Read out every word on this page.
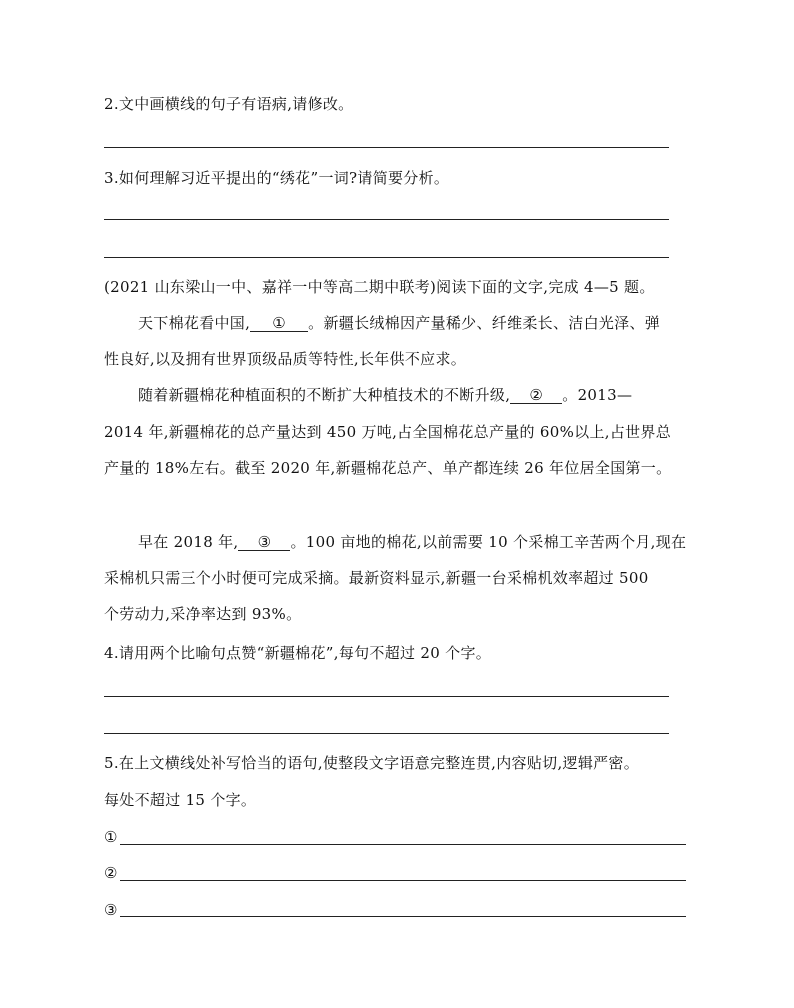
2.文中画横线的句子有语病,请修改。
3.如何理解习近平提出的“绣花”一词?请简要分析。
(2021 山东梁山一中、嘉祥一中等高二期中联考)阅读下面的文字,完成 4—5 题。
天下棉花看中国, ① 。新疆长绒棉因产量稀少、纤维柔长、洁白光泽、弹
性良好,以及拥有世界顶级品质等特性,长年供不应求。
随着新疆棉花种植面积的不断扩大种植技术的不断升级, ② 。2013—
2014 年,新疆棉花的总产量达到 450 万吨,占全国棉花总产量的 60%以上,占世界总
产量的 18%左右。截至 2020 年,新疆棉花总产、单产都连续 26 年位居全国第一。
早在 2018 年, ③ 。100 亩地的棉花,以前需要 10 个采棉工辛苦两个月,现在
采棉机只需三个小时便可完成采摘。最新资料显示,新疆一台采棉机效率超过 500
个劳动力,采净率达到 93%。
4.请用两个比喻句点赞“新疆棉花”,每句不超过 20 个字。
5.在上文横线处补写恰当的语句,使整段文字语意完整连贯,内容贴切,逻辑严密。
每处不超过 15 个字。
①
②
③
